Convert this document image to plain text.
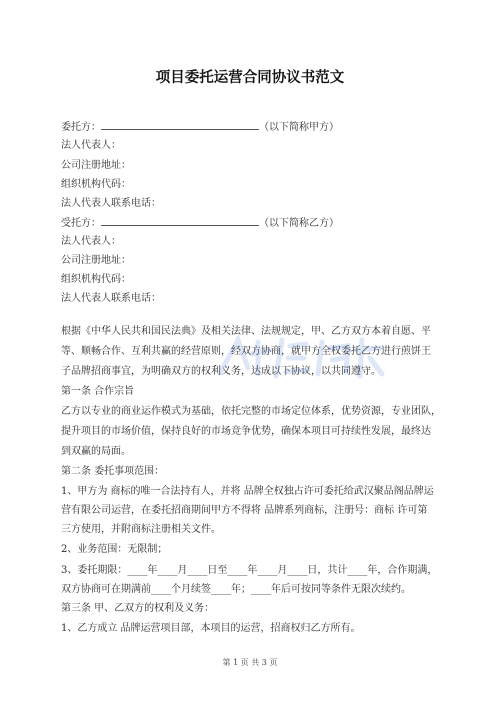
项目委托运营合同协议书范文
委托方：	（以下简称甲方）
法人代表人：
公司注册地址：
组织机构代码：
法人代表人联系电话：
受托方：	（以下简称乙方）
法人代表人：
公司注册地址：
组织机构代码：
法人代表人联系电话：
根据《中华人民共和国民法典》及相关法律、法规规定，甲、乙方双方本着自愿、平
等、顺畅合作、互利共赢的经营原则，经双方协商，就甲方全权委托乙方进行煎饼王
子品牌招商事宜，为明确双方的权利义务，达成以下协议，以共同遵守。
第一条 合作宗旨
乙方以专业的商业运作模式为基础，依托完整的市场定位体系，优势资源，专业团队，
提升项目的市场价值，保持良好的市场竞争优势，确保本项目可持续性发展，最终达
到双赢的局面。
第二条 委托事项范围：
1、甲方为 商标的唯一合法持有人，并将 品牌全权独占许可委托给武汉聚品阁品牌运
营有限公司运营，在委托招商期间甲方不得将 品牌系列商标，注册号：商标 许可第
三方使用，并附商标注册相关文件。
2、业务范围：无限制；
3、委托期限：____年____月____日至____年____月____日，共计____年，合作期满，
双方协商可在期满前____个月续签____年；____年后可按同等条件无限次续约。
第三条 甲、乙双方的权利及义务：
1、乙方成立 品牌运营项目部，本项目的运营，招商权归乙方所有。
第 1 页 共 3 页
